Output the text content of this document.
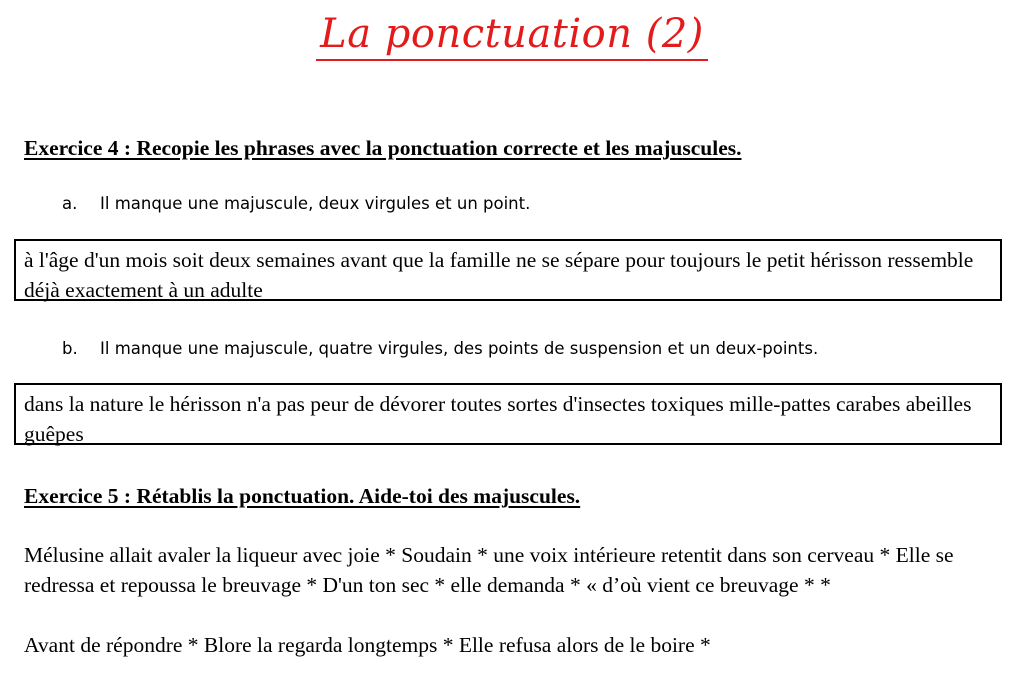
La ponctuation (2)
Exercice 4 : Recopie les phrases avec la ponctuation correcte et les majuscules.
a. Il manque une majuscule, deux virgules et un point.
à l'âge d'un mois soit deux semaines avant que la famille ne se sépare pour toujours le petit hérisson ressemble déjà exactement à un adulte
b. Il manque une majuscule, quatre virgules, des points de suspension et un deux-points.
dans la nature le hérisson n'a pas peur de dévorer toutes sortes d'insectes toxiques mille-pattes carabes abeilles guêpes
Exercice 5 : Rétablis la ponctuation. Aide-toi des majuscules.
Mélusine allait avaler la liqueur avec joie * Soudain * une voix intérieure retentit dans son cerveau * Elle se redressa et repoussa le breuvage * D'un ton sec * elle demanda * « d’où vient ce breuvage * *
Avant de répondre * Blore la regarda longtemps * Elle refusa alors de le boire *
